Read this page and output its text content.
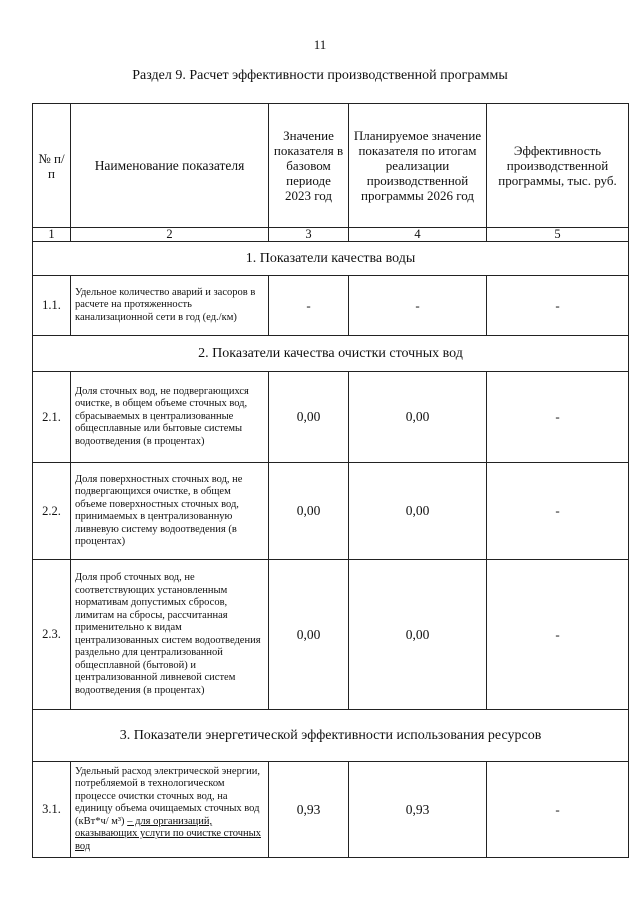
11
Раздел 9. Расчет эффективности производственной программы
№ п/п	Наименование показателя	Значение показателя в базовом периоде 2023 год	Планируемое значение показателя по итогам реализации производственной программы 2026 год	Эффективность производственной программы, тыс. руб.
1	2	3	4	5
1. Показатели качества воды				
1.1.	Удельное количество аварий и засоров в расчете на протяженность канализационной сети в год (ед./км)	-	-	-
2. Показатели качества очистки сточных вод				
2.1.	Доля сточных вод, не подвергающихся очистке, в общем объеме сточных вод, сбрасываемых в централизованные общесплавные или бытовые системы водоотведения (в процентах)	0,00	0,00	-
2.2.	Доля поверхностных сточных вод, не подвергающихся очистке, в общем объеме поверхностных сточных вод, принимаемых в централизованную ливневую систему водоотведения (в процентах)	0,00	0,00	-
2.3.	Доля проб сточных вод, не соответствующих установленным нормативам допустимых сбросов, лимитам на сбросы, рассчитанная применительно к видам централизованных систем водоотведения раздельно для централизованной общесплавной (бытовой) и централизованной ливневой систем водоотведения (в процентах)	0,00	0,00	-
3. Показатели энергетической эффективности использования ресурсов				
3.1.	Удельный расход электрической энергии, потребляемой в технологическом процессе очистки сточных вод, на единицу объема очищаемых сточных вод (кВт*ч/ м³) – для организаций, оказывающих услуги по очистке сточных вод	0,93	0,93	-
